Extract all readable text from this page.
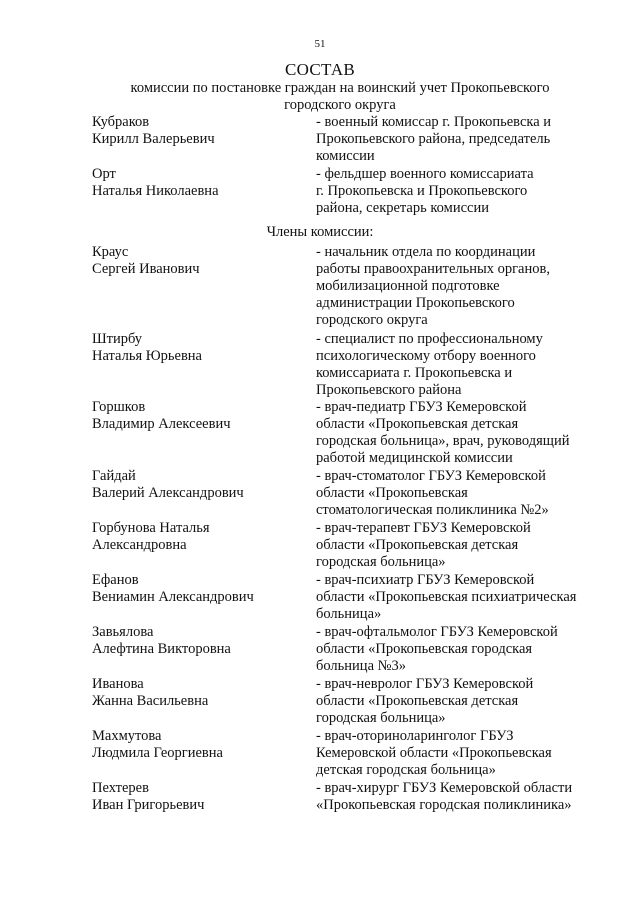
51
СОСТАВ
комиссии по постановке граждан на воинский учет Прокопьевского городского округа
Кубраков
Кирилл Валерьевич
- военный комиссар г. Прокопьевска и
Прокопьевского района, председатель
комиссии
Орт
Наталья Николаевна
- фельдшер военного комиссариата
г. Прокопьевска и Прокопьевского
района, секретарь комиссии
Члены комиссии:
Краус
Сергей Иванович
- начальник отдела по координации
работы правоохранительных органов,
мобилизационной подготовке
администрации Прокопьевского
городского округа
Штирбу
Наталья Юрьевна
- специалист по профессиональному
психологическому отбору военного
комиссариата г. Прокопьевска и
Прокопьевского района
Горшков
Владимир Алексеевич
- врач-педиатр ГБУЗ Кемеровской
области «Прокопьевская детская
городская больница», врач, руководящий
работой медицинской комиссии
Гайдай
Валерий Александрович
- врач-стоматолог ГБУЗ Кемеровской
области «Прокопьевская
стоматологическая поликлиника №2»
Горбунова Наталья
Александровна
- врач-терапевт ГБУЗ Кемеровской
области «Прокопьевская детская
городская больница»
Ефанов
Вениамин Александрович
- врач-психиатр ГБУЗ Кемеровской
области «Прокопьевская психиатрическая
больница»
Завьялова
Алефтина Викторовна
- врач-офтальмолог ГБУЗ Кемеровской
области «Прокопьевская городская
больница №3»
Иванова
Жанна Васильевна
- врач-невролог ГБУЗ Кемеровской
области «Прокопьевская детская
городская больница»
Махмутова
Людмила Георгиевна
- врач-оториноларинголог ГБУЗ
Кемеровской области «Прокопьевская
детская городская больница»
Пехтерев
Иван Григорьевич
- врач-хирург ГБУЗ Кемеровской области
«Прокопьевская городская поликлиника»
